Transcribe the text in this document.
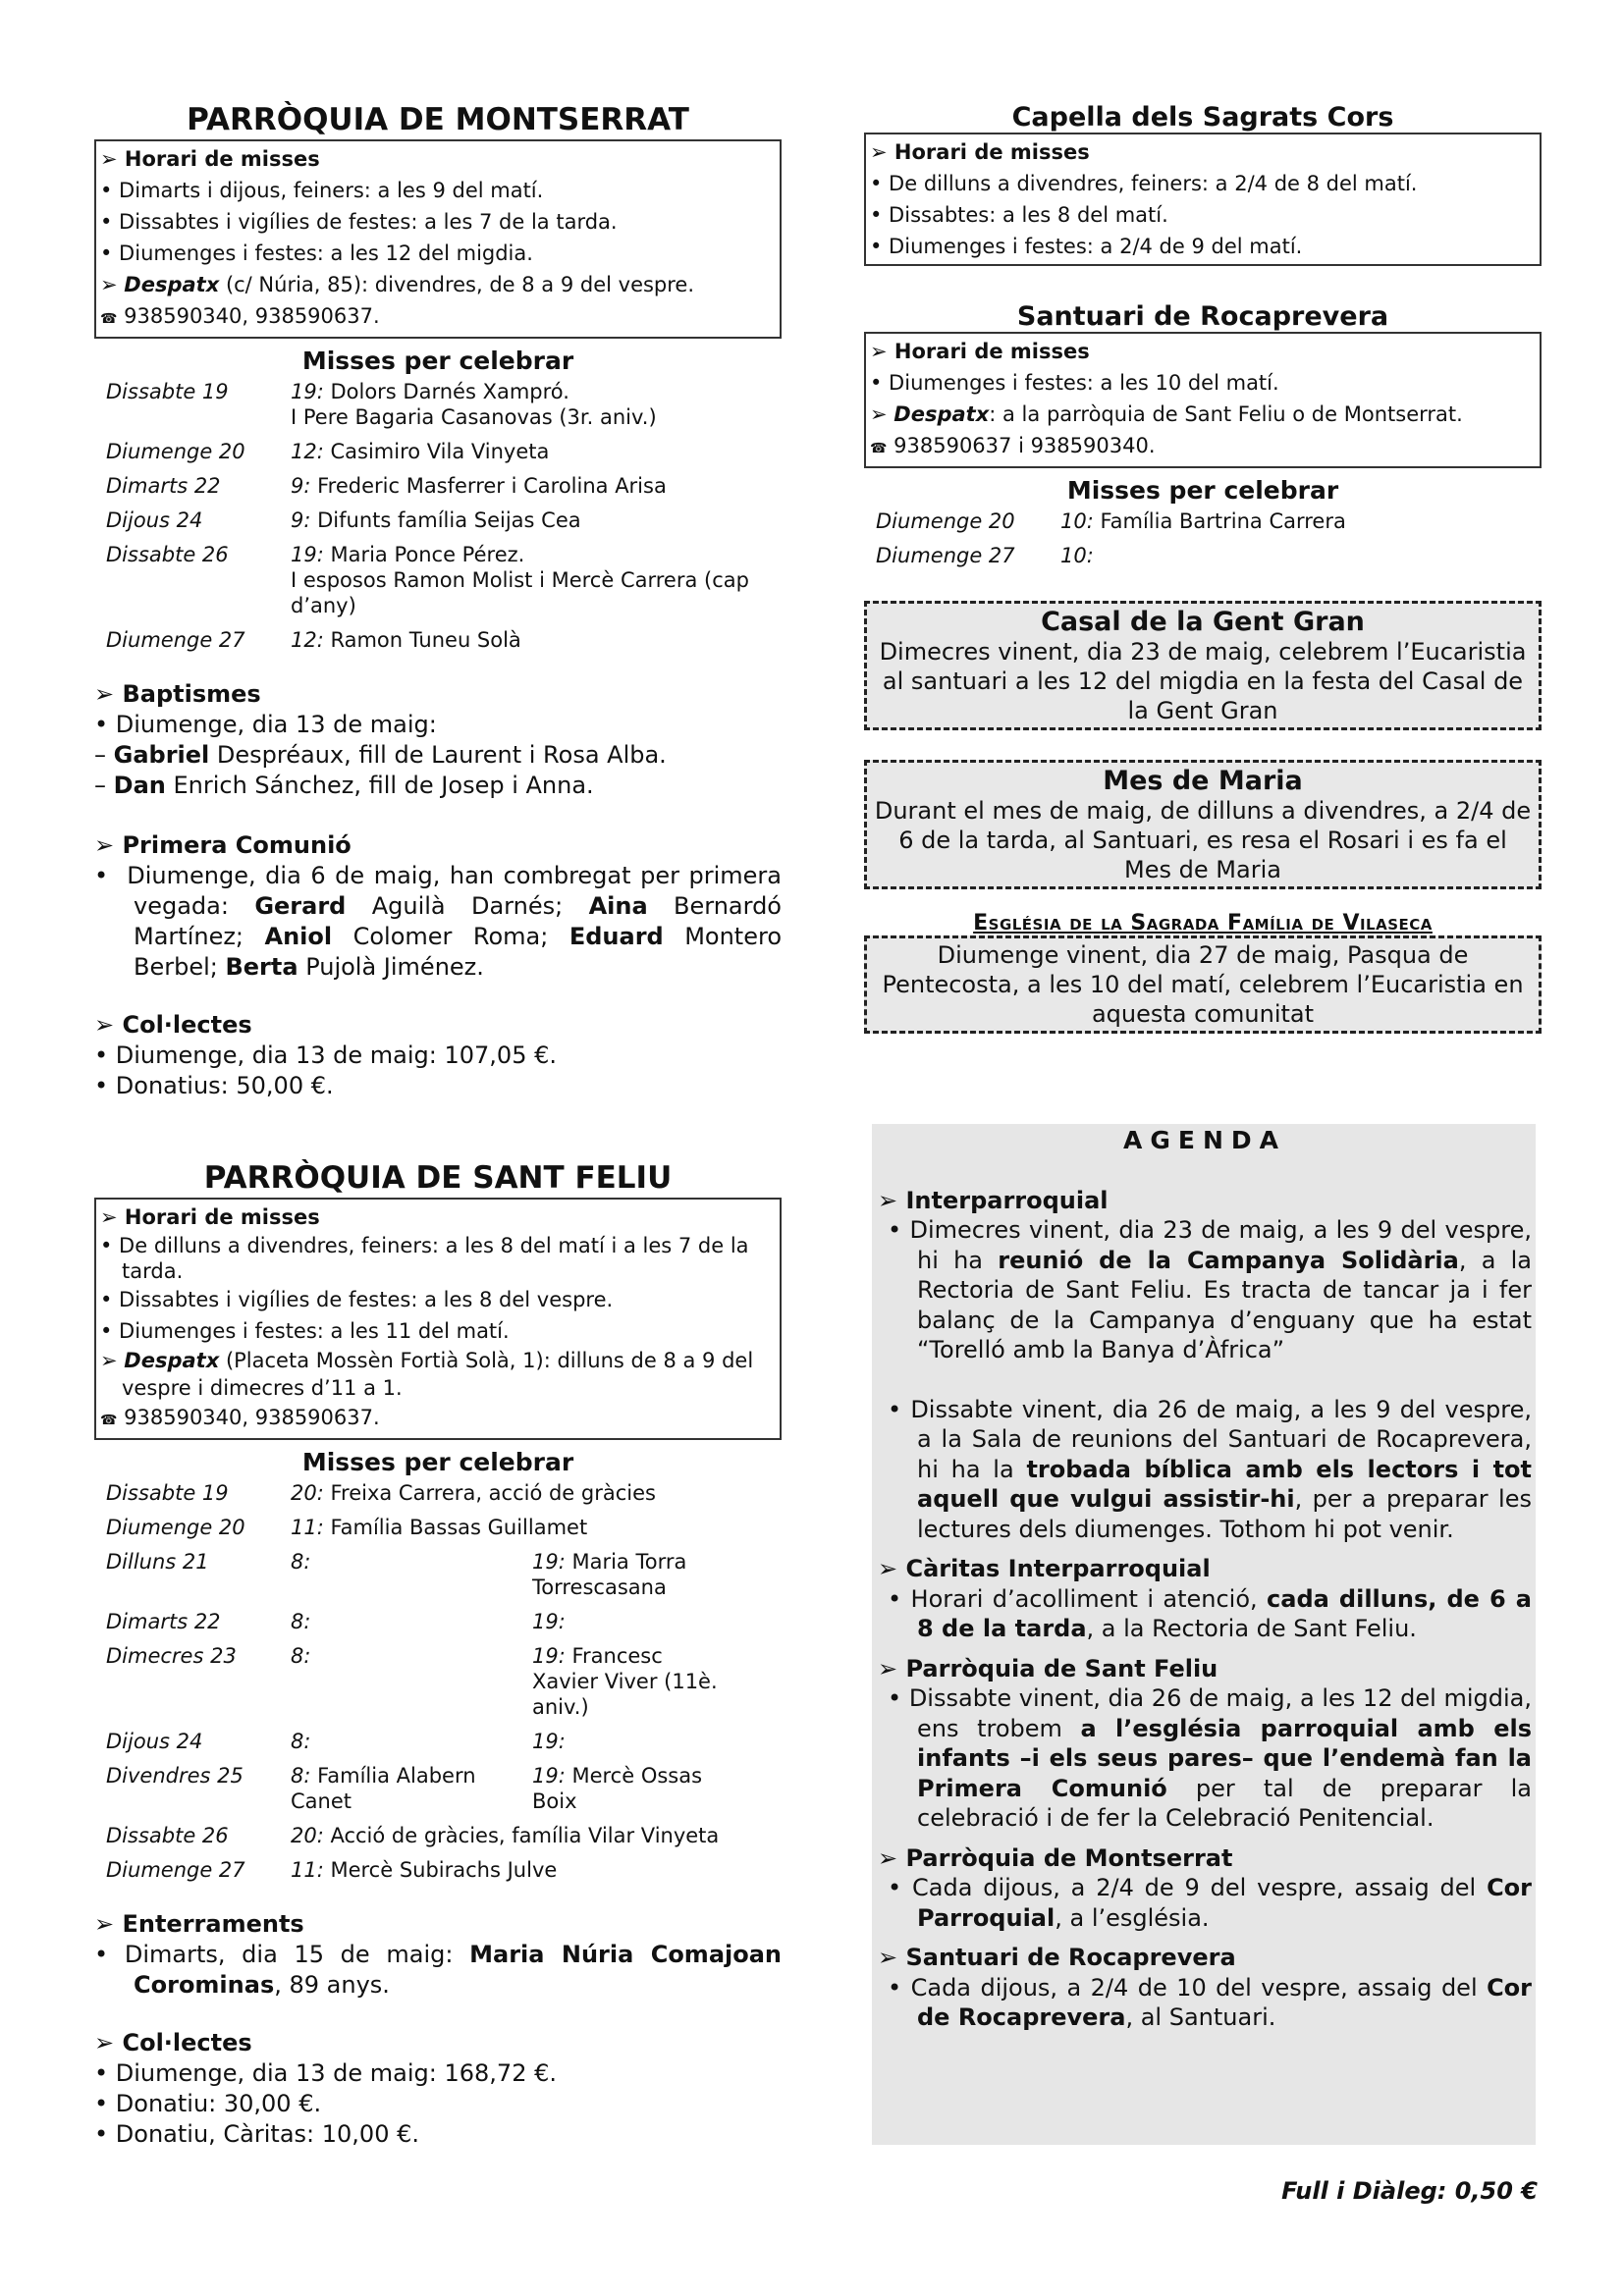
PARRÒQUIA DE MONTSERRAT
➢ Horari de misses
• Dimarts i dijous, feiners: a les 9 del matí.
• Dissabtes i vigílies de festes: a les 7 de la tarda.
• Diumenges i festes: a les 12 del migdia.
➢ Despatx (c/ Núria, 85): divendres, de 8 a 9 del vespre.
☎ 938590340, 938590637.
Misses per celebrar
Dissabte 19	19: Dolors Darnés Xampró.
I Pere Bagaria Casanovas (3r. aniv.)
Diumenge 20	12: Casimiro Vila Vinyeta
Dimarts 22	9: Frederic Masferrer i Carolina Arisa
Dijous 24	9: Difunts família Seijas Cea
Dissabte 26	19: Maria Ponce Pérez.
I esposos Ramon Molist i Mercè Carrera (cap d’any)
Diumenge 27	12: Ramon Tuneu Solà
➢ Baptismes
• Diumenge, dia 13 de maig:
– Gabriel Despréaux, fill de Laurent i Rosa Alba.
– Dan Enrich Sánchez, fill de Josep i Anna.
➢ Primera Comunió
•  Diumenge, dia 6 de maig, han combregat per primera vegada: Gerard Aguilà Darnés; Aina Bernardó Martínez; Aniol Colomer Roma; Eduard Montero Berbel; Berta Pujolà Jiménez.
➢ Col·lectes
• Diumenge, dia 13 de maig: 107,05 €.
• Donatius: 50,00 €.
PARRÒQUIA DE SANT FELIU
➢ Horari de misses
• De dilluns a divendres, feiners: a les 8 del matí i a les 7 de la tarda.
• Dissabtes i vigílies de festes: a les 8 del vespre.
• Diumenges i festes: a les 11 del matí.
➢ Despatx (Placeta Mossèn Fortià Solà, 1): dilluns de 8 a 9 del vespre i dimecres d’11 a 1.
☎ 938590340, 938590637.
Misses per celebrar
Dissabte 19	20: Freixa Carrera, acció de gràcies	
Diumenge 20	11: Família Bassas Guillamet	
Dilluns 21	8:	19: Maria Torra Torrescasana
Dimarts 22	8:	19:
Dimecres 23	8:	19: Francesc Xavier Viver (11è. aniv.)
Dijous 24	8:	19:
Divendres 25	8: Família Alabern Canet	19: Mercè Ossas Boix
Dissabte 26	20: Acció de gràcies, família Vilar Vinyeta	
Diumenge 27	11: Mercè Subirachs Julve	
➢ Enterraments
• Dimarts, dia 15 de maig: Maria Núria Comajoan Corominas, 89 anys.
➢ Col·lectes
• Diumenge, dia 13 de maig: 168,72 €.
• Donatiu: 30,00 €.
• Donatiu, Càritas: 10,00 €.
Capella dels Sagrats Cors
➢ Horari de misses
• De dilluns a divendres, feiners: a 2/4 de 8 del matí.
• Dissabtes: a les 8 del matí.
• Diumenges i festes: a 2/4 de 9 del matí.
Santuari de Rocaprevera
➢ Horari de misses
• Diumenges i festes: a les 10 del matí.
➢ Despatx: a la parròquia de Sant Feliu o de Montserrat.
☎ 938590637 i 938590340.
Misses per celebrar
Diumenge 20	10: Família Bartrina Carrera
Diumenge 27	10:
Casal de la Gent Gran
Dimecres vinent, dia 23 de maig, celebrem l’Eucaristia al santuari a les 12 del migdia en la festa del Casal de la Gent Gran
Mes de Maria
Durant el mes de maig, de dilluns a divendres, a 2/4 de 6 de la tarda, al Santuari, es resa el Rosari i es fa el Mes de Maria
Església de la Sagrada Família de Vilaseca
Diumenge vinent, dia 27 de maig, Pasqua de Pentecosta, a les 10 del matí, celebrem l’Eucaristia en aquesta comunitat
AGENDA
➢ Interparroquial
• Dimecres vinent, dia 23 de maig, a les 9 del vespre, hi ha reunió de la Campanya Solidària, a la Rectoria de Sant Feliu. Es tracta de tancar ja i fer balanç de la Campanya d’enguany que ha estat “Torelló amb la Banya d’Àfrica”
• Dissabte vinent, dia 26 de maig, a les 9 del vespre, a la Sala de reunions del Santuari de Rocaprevera, hi ha la trobada bíblica amb els lectors i tot aquell que vulgui assistir-hi, per a preparar les lectures dels diumenges. Tothom hi pot venir.
➢ Càritas Interparroquial
• Horari d’acolliment i atenció, cada dilluns, de 6 a 8 de la tarda, a la Rectoria de Sant Feliu.
➢ Parròquia de Sant Feliu
• Dissabte vinent, dia 26 de maig, a les 12 del migdia, ens trobem a l’església parroquial amb els infants –i els seus pares– que l’endemà fan la Primera Comunió per tal de preparar la celebració i de fer la Celebració Penitencial.
➢ Parròquia de Montserrat
• Cada dijous, a 2/4 de 9 del vespre, assaig del Cor Parroquial, a l’església.
➢ Santuari de Rocaprevera
• Cada dijous, a 2/4 de 10 del vespre, assaig del Cor de Rocaprevera, al Santuari.
Full i Diàleg: 0,50 €
